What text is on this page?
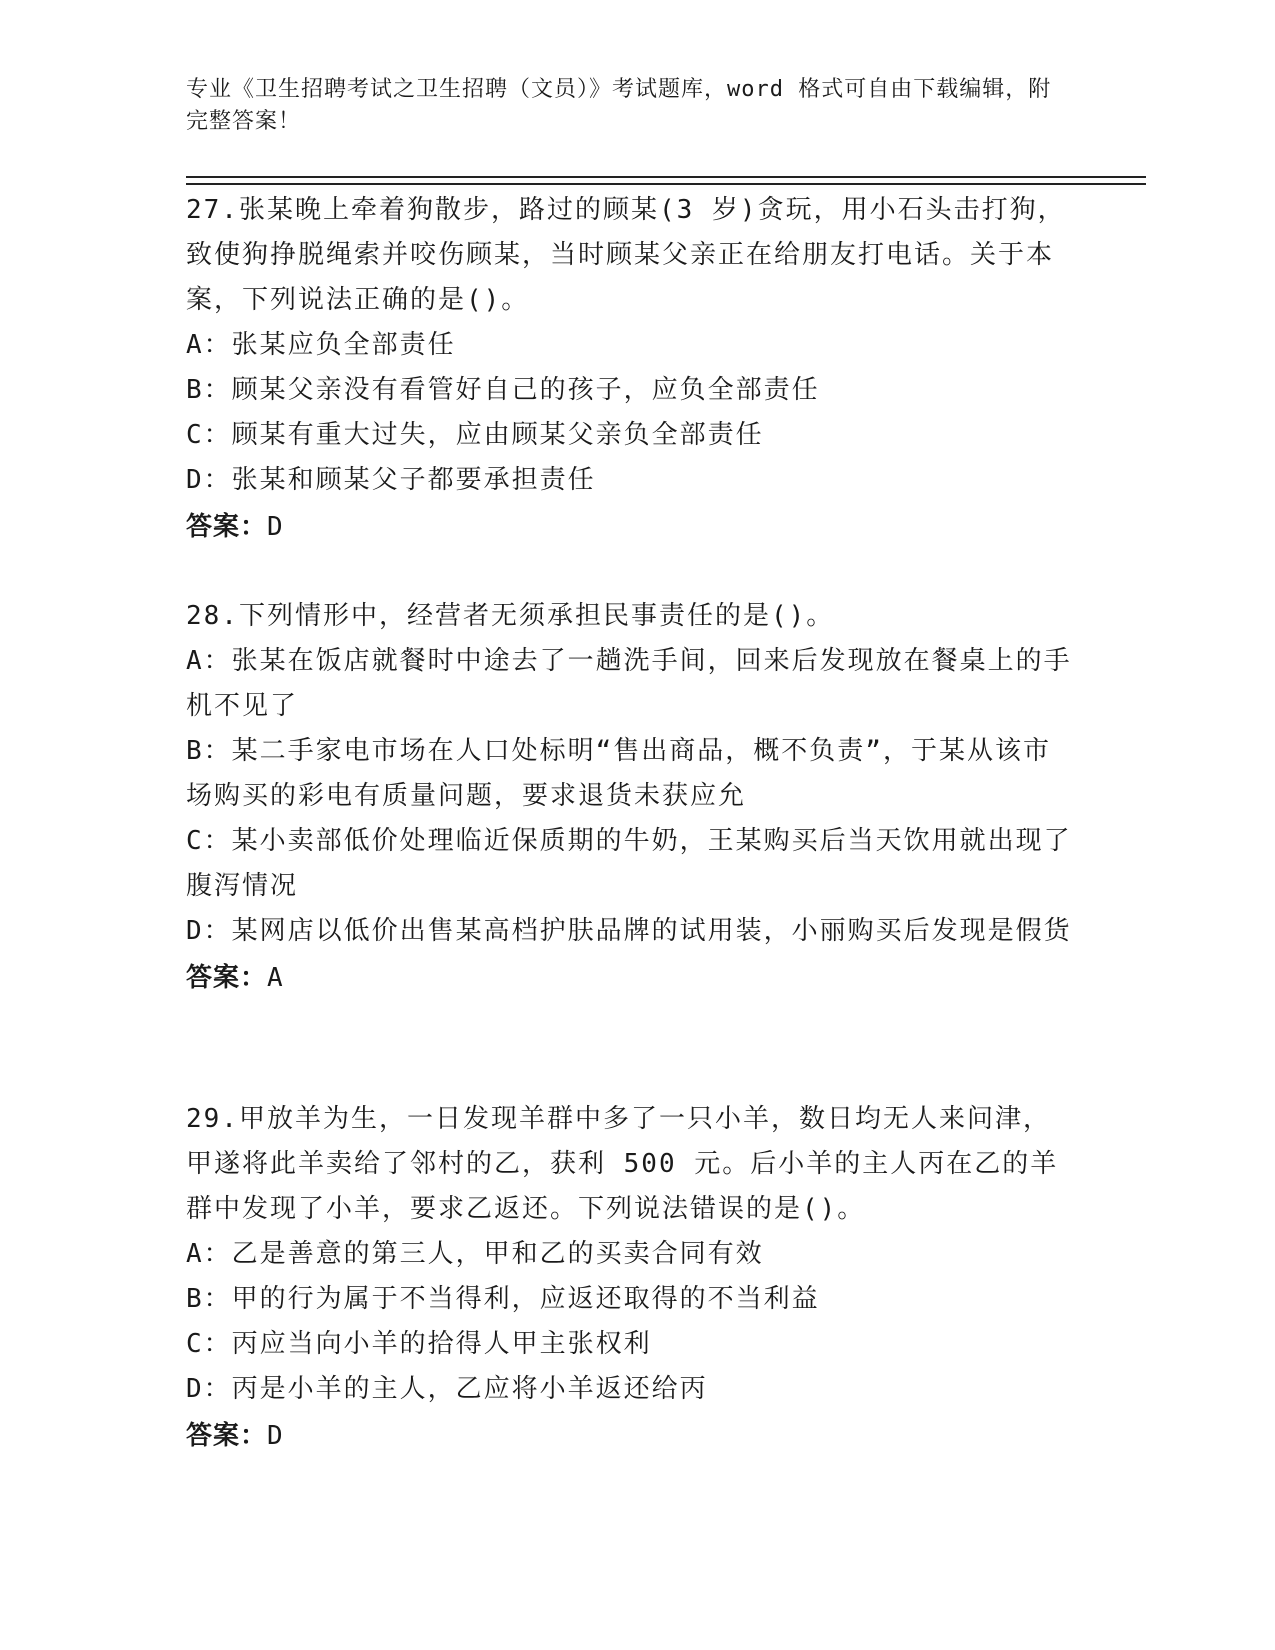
专业《卫生招聘考试之卫生招聘（文员）》考试题库，word 格式可自由下载编辑，附完整答案！

27.张某晚上牵着狗散步，路过的顾某(3 岁)贪玩，用小石头击打狗，致使狗挣脱绳索并咬伤顾某，当时顾某父亲正在给朋友打电话。关于本案，下列说法正确的是()。

A：张某应负全部责任

B：顾某父亲没有看管好自己的孩子，应负全部责任

C：顾某有重大过失，应由顾某父亲负全部责任

D：张某和顾某父子都要承担责任

答案：D

28.下列情形中，经营者无须承担民事责任的是()。

A：张某在饭店就餐时中途去了一趟洗手间，回来后发现放在餐桌上的手机不见了

B：某二手家电市场在人口处标明“售出商品，概不负责”，于某从该市场购买的彩电有质量问题，要求退货未获应允

C：某小卖部低价处理临近保质期的牛奶，王某购买后当天饮用就出现了腹泻情况

D：某网店以低价出售某高档护肤品牌的试用装，小丽购买后发现是假货

答案：A

29.甲放羊为生，一日发现羊群中多了一只小羊，数日均无人来问津，甲遂将此羊卖给了邻村的乙，获利 500 元。后小羊的主人丙在乙的羊群中发现了小羊，要求乙返还。下列说法错误的是()。

A：乙是善意的第三人，甲和乙的买卖合同有效

B：甲的行为属于不当得利，应返还取得的不当利益

C：丙应当向小羊的拾得人甲主张权利

D：丙是小羊的主人，乙应将小羊返还给丙

答案：D
